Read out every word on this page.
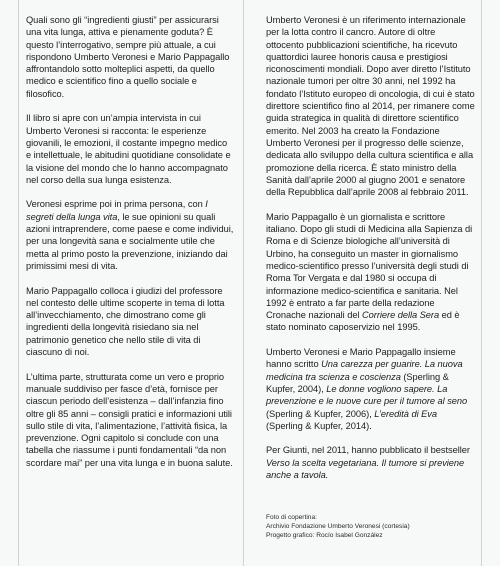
Quali sono gli “ingredienti giusti” per assicurarsi una vita lunga, attiva e pienamente goduta? È questo l’interrogativo, sempre più attuale, a cui rispondono Umberto Veronesi e Mario Pappagallo affrontandolo sotto molteplici aspetti, da quello medico e scientifico fino a quello sociale e filosofico.

Il libro si apre con un’ampia intervista in cui Umberto Veronesi si racconta: le esperienze giovanili, le emozioni, il costante impegno medico e intellettuale, le abitudini quotidiane consolidate e la visione del mondo che lo hanno accompagnato nel corso della sua lunga esistenza.

Veronesi esprime poi in prima persona, con I segreti della lunga vita, le sue opinioni su quali azioni intraprendere, come paese e come individui, per una longevità sana e socialmente utile che metta al primo posto la prevenzione, iniziando dai primissimi mesi di vita.

Mario Pappagallo colloca i giudizi del professore nel contesto delle ultime scoperte in tema di lotta all’invecchiamento, che dimostrano come gli ingredienti della longevità risiedano sia nel patrimonio genetico che nello stile di vita di ciascuno di noi.

L’ultima parte, strutturata come un vero e proprio manuale suddiviso per fasce d’età, fornisce per ciascun periodo dell’esistenza – dall’infanzia fino oltre gli 85 anni – consigli pratici e informazioni utili sullo stile di vita, l’alimentazione, l’attività fisica, la prevenzione. Ogni capitolo si conclude con una tabella che riassume i punti fondamentali “da non scordare mai” per una vita lunga e in buona salute.

Umberto Veronesi è un riferimento internazionale per la lotta contro il cancro. Autore di oltre ottocento pubblicazioni scientifiche, ha ricevuto quattordici lauree honoris causa e prestigiosi riconoscimenti mondiali. Dopo aver diretto l’Istituto nazionale tumori per oltre 30 anni, nel 1992 ha fondato l’Istituto europeo di oncologia, di cui è stato direttore scientifico fino al 2014, per rimanere come guida strategica in qualità di direttore scientifico emerito. Nel 2003 ha creato la Fondazione Umberto Veronesi per il progresso delle scienze, dedicata allo sviluppo della cultura scientifica e alla promozione della ricerca. È stato ministro della Sanità dall’aprile 2000 al giugno 2001 e senatore della Repubblica dall’aprile 2008 al febbraio 2011.

Mario Pappagallo è un giornalista e scrittore italiano. Dopo gli studi di Medicina alla Sapienza di Roma e di Scienze biologiche all’università di Urbino, ha conseguito un master in giornalismo medico-scientifico presso l’università degli studi di Roma Tor Vergata e dal 1980 si occupa di informazione medico-scientifica e sanitaria. Nel 1992 è entrato a far parte della redazione Cronache nazionali del Corriere della Sera ed è stato nominato caposervizio nel 1995.

Umberto Veronesi e Mario Pappagallo insieme hanno scritto Una carezza per guarire. La nuova medicina tra scienza e coscienza (Sperling & Kupfer, 2004), Le donne vogliono sapere. La prevenzione e le nuove cure per il tumore al seno (Sperling & Kupfer, 2006), L’eredità di Eva (Sperling & Kupfer, 2014).

Per Giunti, nel 2011, hanno pubblicato il bestseller Verso la scelta vegetariana. Il tumore si previene anche a tavola.

Foto di copertina:

Archivio Fondazione Umberto Veronesi (cortesia)

Progetto grafico: Rocío Isabel González
